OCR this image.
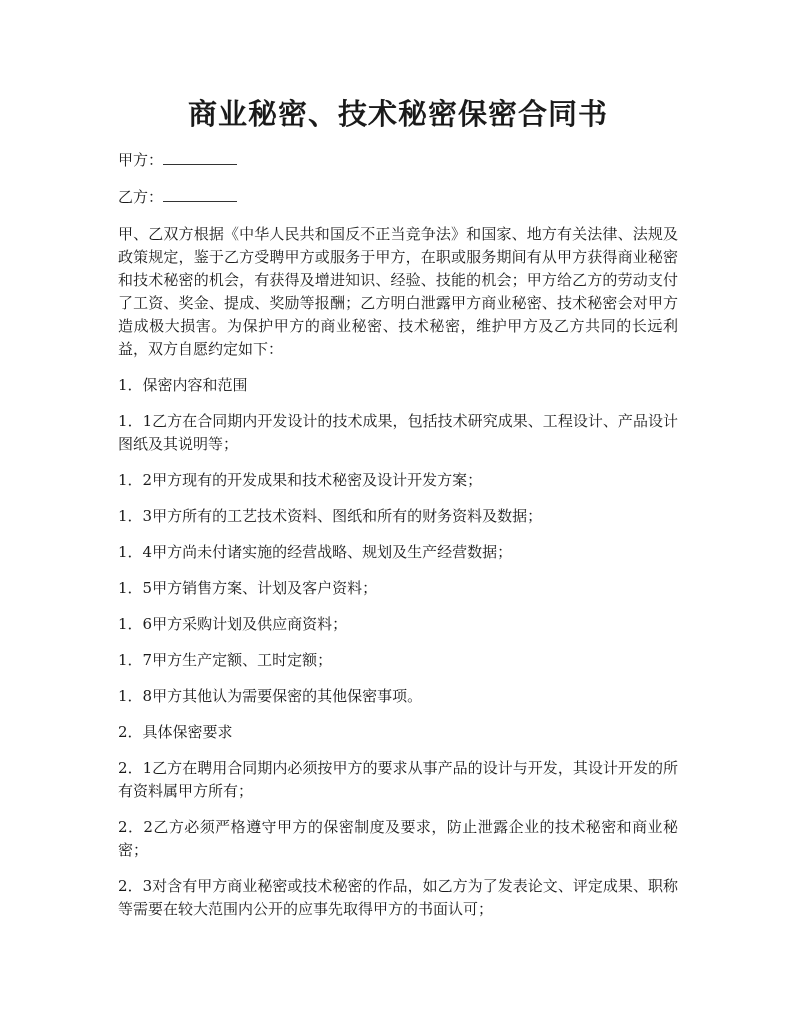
商业秘密、技术秘密保密合同书

甲方：

乙方：

甲、乙双方根据《中华人民共和国反不正当竞争法》和国家、地方有关法律、法规及政策规定，鉴于乙方受聘甲方或服务于甲方，在职或服务期间有从甲方获得商业秘密和技术秘密的机会，有获得及增进知识、经验、技能的机会；甲方给乙方的劳动支付了工资、奖金、提成、奖励等报酬；乙方明白泄露甲方商业秘密、技术秘密会对甲方造成极大损害。为保护甲方的商业秘密、技术秘密，维护甲方及乙方共同的长远利益，双方自愿约定如下：

1．保密内容和范围

1．1乙方在合同期内开发设计的技术成果，包括技术研究成果、工程设计、产品设计图纸及其说明等；

1．2甲方现有的开发成果和技术秘密及设计开发方案；

1．3甲方所有的工艺技术资料、图纸和所有的财务资料及数据；

1．4甲方尚未付诸实施的经营战略、规划及生产经营数据；

1．5甲方销售方案、计划及客户资料；

1．6甲方采购计划及供应商资料；

1．7甲方生产定额、工时定额；

1．8甲方其他认为需要保密的其他保密事项。

2．具体保密要求

2．1乙方在聘用合同期内必须按甲方的要求从事产品的设计与开发，其设计开发的所有资料属甲方所有；

2．2乙方必须严格遵守甲方的保密制度及要求，防止泄露企业的技术秘密和商业秘密；

2．3对含有甲方商业秘密或技术秘密的作品，如乙方为了发表论文、评定成果、职称等需要在较大范围内公开的应事先取得甲方的书面认可；
